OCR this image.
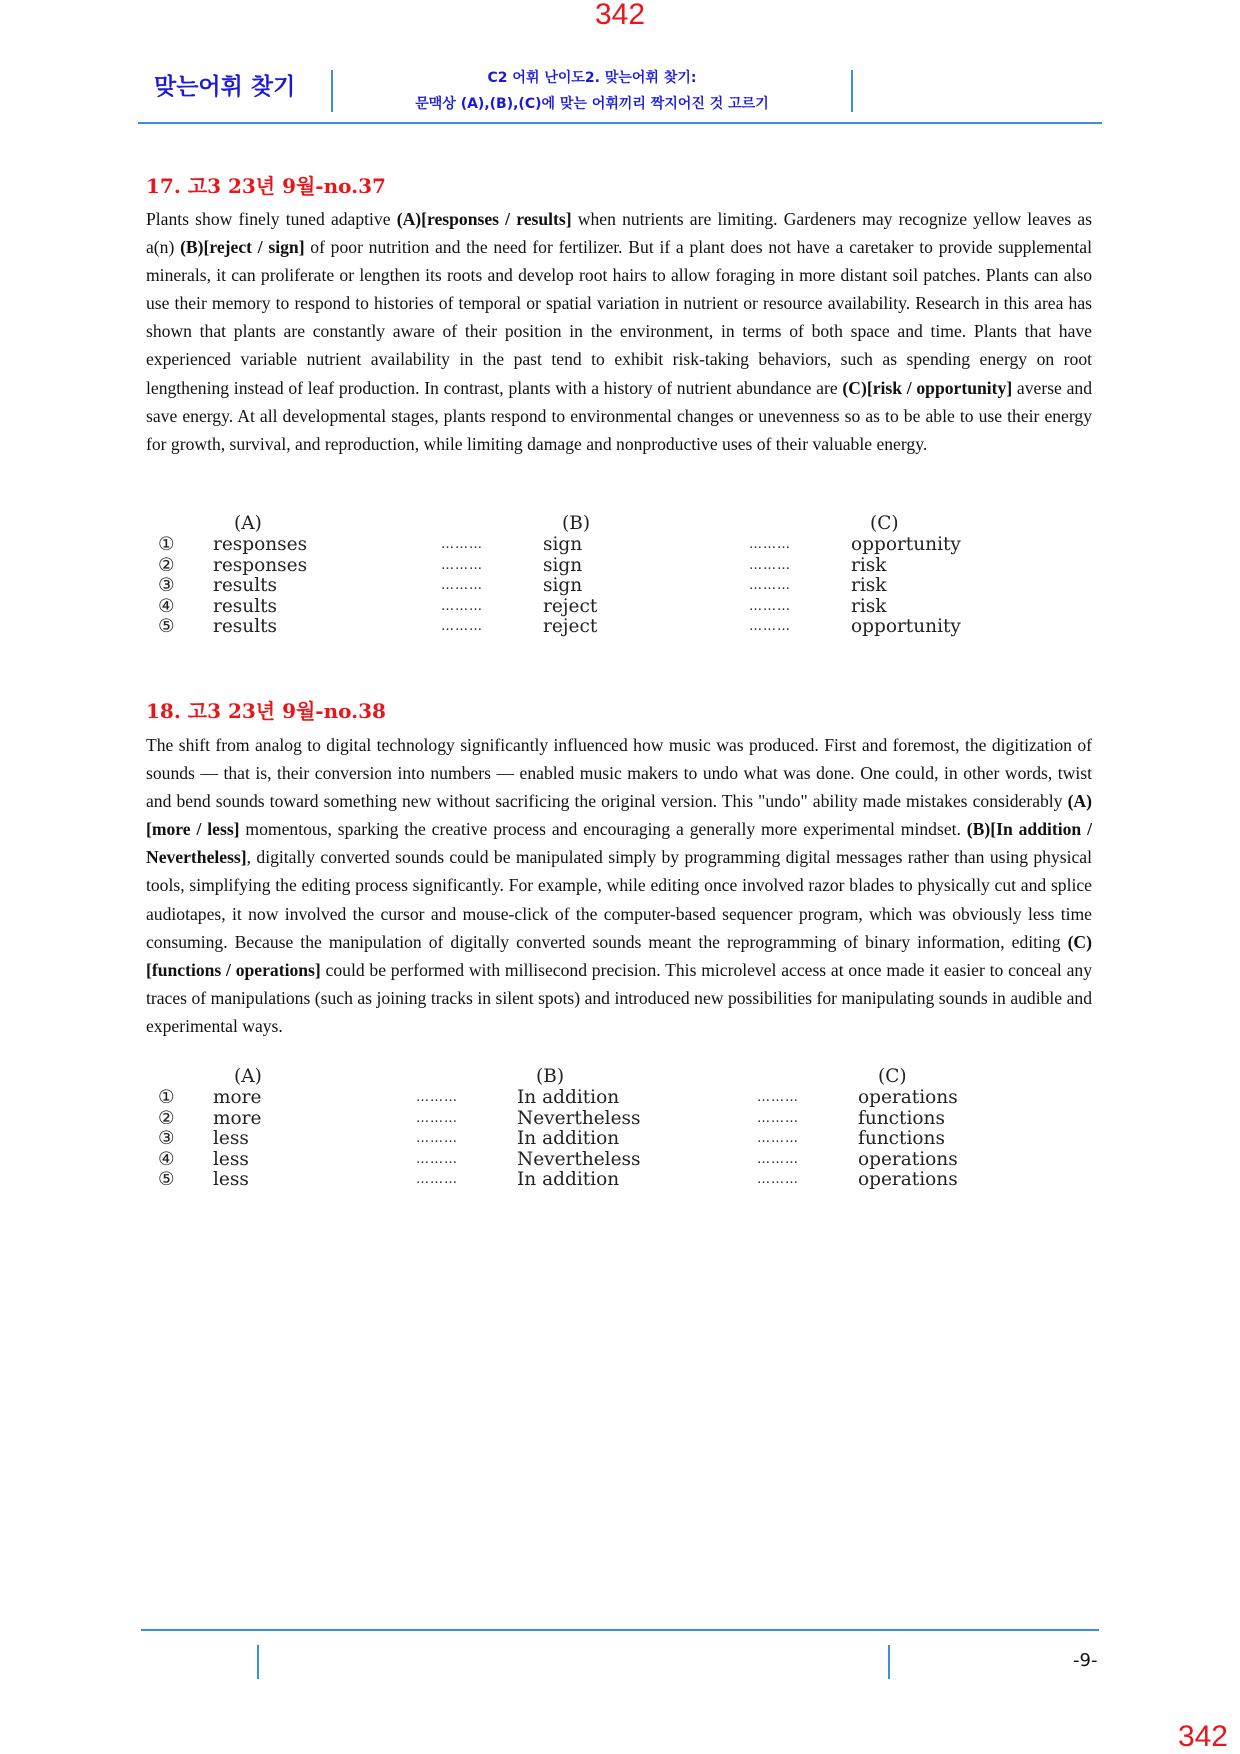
342
맞는어휘 찾기	C2 어휘 난이도2. 맞는어휘 찾기:
문맥상 (A),(B),(C)에 맞는 어휘끼리 짝지어진 것 고르기
17. 고3 23년 9월-no.37
Plants show finely tuned adaptive (A)[responses / results] when nutrients are limiting. Gardeners may recognize yellow leaves as a(n) (B)[reject / sign] of poor nutrition and the need for fertilizer. But if a plant does not have a caretaker to provide supplemental minerals, it can proliferate or lengthen its roots and develop root hairs to allow foraging in more distant soil patches. Plants can also use their memory to respond to histories of temporal or spatial variation in nutrient or resource availability. Research in this area has shown that plants are constantly aware of their position in the environment, in terms of both space and time. Plants that have experienced variable nutrient availability in the past tend to exhibit risk-taking behaviors, such as spending energy on root lengthening instead of leaf production. In contrast, plants with a history of nutrient abundance are (C)[risk / opportunity] averse and save energy. At all developmental stages, plants respond to environmental changes or unevenness so as to be able to use their energy for growth, survival, and reproduction, while limiting damage and nonproductive uses of their valuable energy.
(A)	(B)	(C)
① responses	………	sign	………	opportunity
② responses	………	sign	………	risk
③ results	………	sign	………	risk
④ results	………	reject	………	risk
⑤ results	………	reject	………	opportunity
18. 고3 23년 9월-no.38
The shift from analog to digital technology significantly influenced how music was produced. First and foremost, the digitization of sounds — that is, their conversion into numbers — enabled music makers to undo what was done. One could, in other words, twist and bend sounds toward something new without sacrificing the original version. This "undo" ability made mistakes considerably (A)[more / less] momentous, sparking the creative process and encouraging a generally more experimental mindset. (B)[In addition / Nevertheless], digitally converted sounds could be manipulated simply by programming digital messages rather than using physical tools, simplifying the editing process significantly. For example, while editing once involved razor blades to physically cut and splice audiotapes, it now involved the cursor and mouse-click of the computer-based sequencer program, which was obviously less time consuming. Because the manipulation of digitally converted sounds meant the reprogramming of binary information, editing (C)[functions / operations] could be performed with millisecond precision. This microlevel access at once made it easier to conceal any traces of manipulations (such as joining tracks in silent spots) and introduced new possibilities for manipulating sounds in audible and experimental ways.
(A)	(B)	(C)
① more	………	In addition	………	operations
② more	………	Nevertheless	………	functions
③ less	………	In addition	………	functions
④ less	………	Nevertheless	………	operations
⑤ less	………	In addition	………	operations
-9-
342
